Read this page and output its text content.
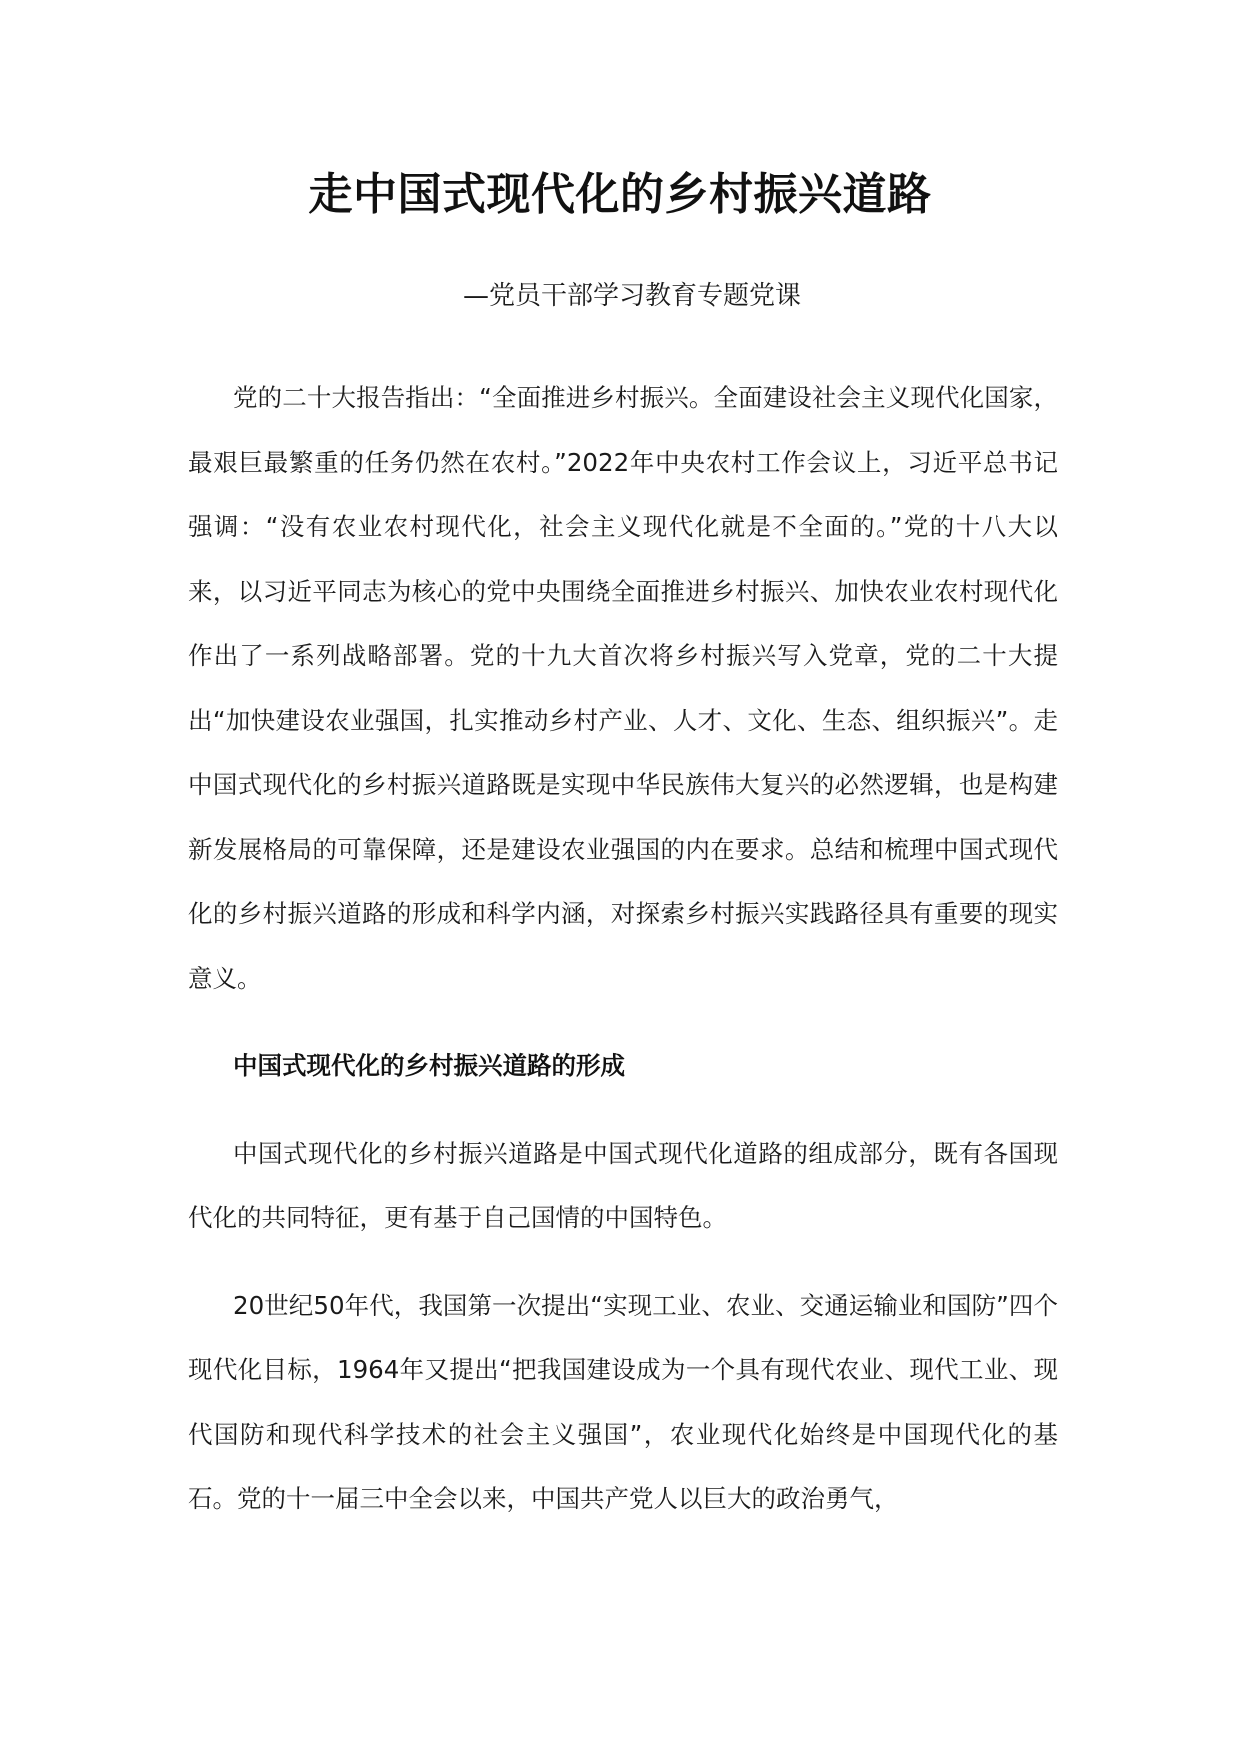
走中国式现代化的乡村振兴道路
—党员干部学习教育专题党课

党的二十大报告指出：“全面推进乡村振兴。全面建设社会主义现代化国家，最艰巨最繁重的任务仍然在农村。”2022年中央农村工作会议上，习近平总书记强调：“没有农业农村现代化，社会主义现代化就是不全面的。”党的十八大以来，以习近平同志为核心的党中央围绕全面推进乡村振兴、加快农业农村现代化作出了一系列战略部署。党的十九大首次将乡村振兴写入党章，党的二十大提出“加快建设农业强国，扎实推动乡村产业、人才、文化、生态、组织振兴”。走中国式现代化的乡村振兴道路既是实现中华民族伟大复兴的必然逻辑，也是构建新发展格局的可靠保障，还是建设农业强国的内在要求。总结和梳理中国式现代化的乡村振兴道路的形成和科学内涵，对探索乡村振兴实践路径具有重要的现实意义。

中国式现代化的乡村振兴道路的形成

中国式现代化的乡村振兴道路是中国式现代化道路的组成部分，既有各国现代化的共同特征，更有基于自己国情的中国特色。

20世纪50年代，我国第一次提出“实现工业、农业、交通运输业和国防”四个现代化目标，1964年又提出“把我国建设成为一个具有现代农业、现代工业、现代国防和现代科学技术的社会主义强国”，农业现代化始终是中国现代化的基石。党的十一届三中全会以来，中国共产党人以巨大的政治勇气，
